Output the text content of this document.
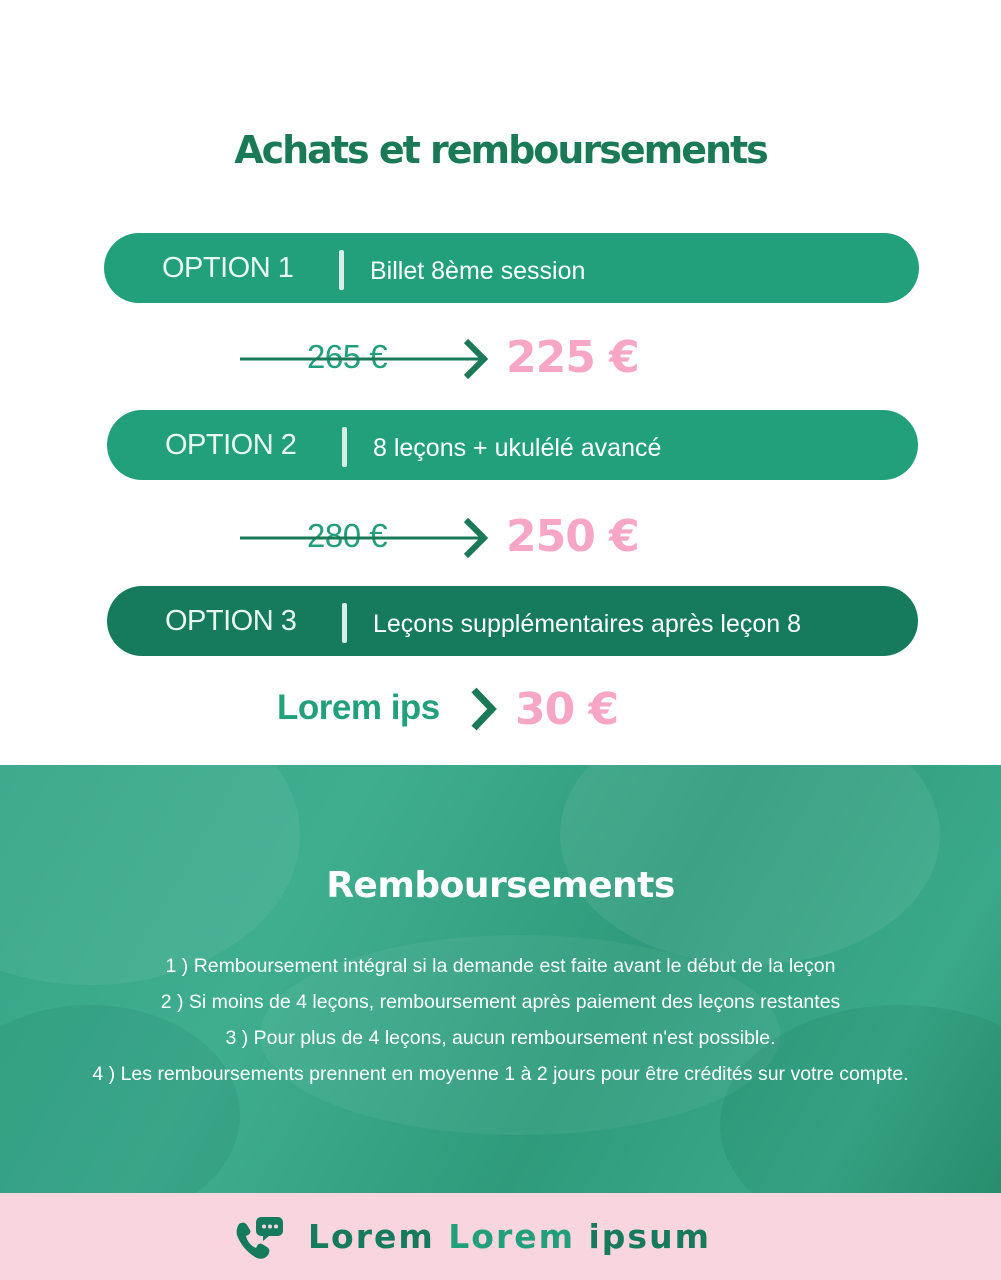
Achats et remboursements
OPTION 1	Billet 8ème session
265 €	225 €
OPTION 2	8 leçons + ukulélé avancé
280 €	250 €
OPTION 3	Leçons supplémentaires après leçon 8
Lorem ips 30 €
Remboursements
1 ) Remboursement intégral si la demande est faite avant le début de la leçon
2 ) Si moins de 4 leçons, remboursement après paiement des leçons restantes
3 ) Pour plus de 4 leçons, aucun remboursement n'est possible.
4 ) Les remboursements prennent en moyenne 1 à 2 jours pour être crédités sur votre compte.
Lorem Lorem ipsum
